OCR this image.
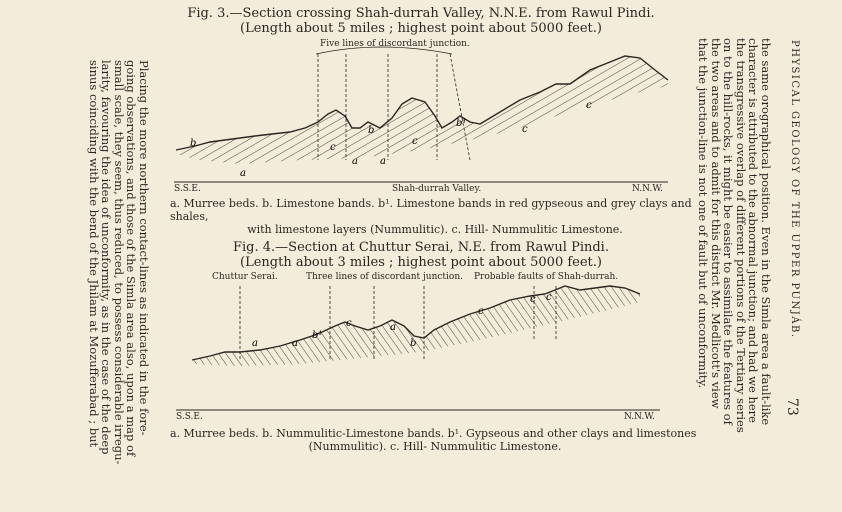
PHYSICAL GEOLOGY OF THE UPPER PUNJÁB.
73
the same orographical position. Even in the Simla area a fault-like
character is attributed to the abnormal junction; and had we here
the transgressive overlap of different portions of the Tertiary series
on to the hill-rocks, it might be easier to assimilate the features of
the two areas and to admit for this district Mr. Medlicott's view
that the junction-line is not one of fault but of unconformity.
Placing the more northern contact-lines as indicated in the fore-
going observations, and those of the Simla area also, upon a map of
small scale, they seem, thus reduced, to possess considerable irregu-
larity, favouring the idea of unconformity, as in the case of the deep
sinus coinciding with the bend of the Jhilam at Mozufferabad ; but
Fig. 3.—Section crossing Shah-durrah Valley, N.N.E. from Rawul Pindi.
(Length about 5 miles ; highest point about 5000 feet.)
Five lines of discordant junction.
b
a
c
b
a a
c
b¹
c
c
a	a
b¹
c	a
b
c
c c
S.S.E.	Shah-durrah Valley.	N.N.W.
a. Murree beds. b. Limestone bands. b¹. Limestone bands in red gypseous and grey clays and shales,
with limestone layers (Nummulitic). c. Hill- Nummulitic Limestone.
Fig. 4.—Section at Chuttur Serai, N.E. from Rawul Pindi.
(Length about 3 miles ; highest point about 5000 feet.)
Chuttur Serai.	Three lines of discordant junction. Probable faults of Shah-durrah.
S.S.E.	N.N.W.
a. Murree beds. b. Nummulitic-Limestone bands. b¹. Gypseous and other clays and limestones
(Nummulitic). c. Hill- Nummulitic Limestone.
